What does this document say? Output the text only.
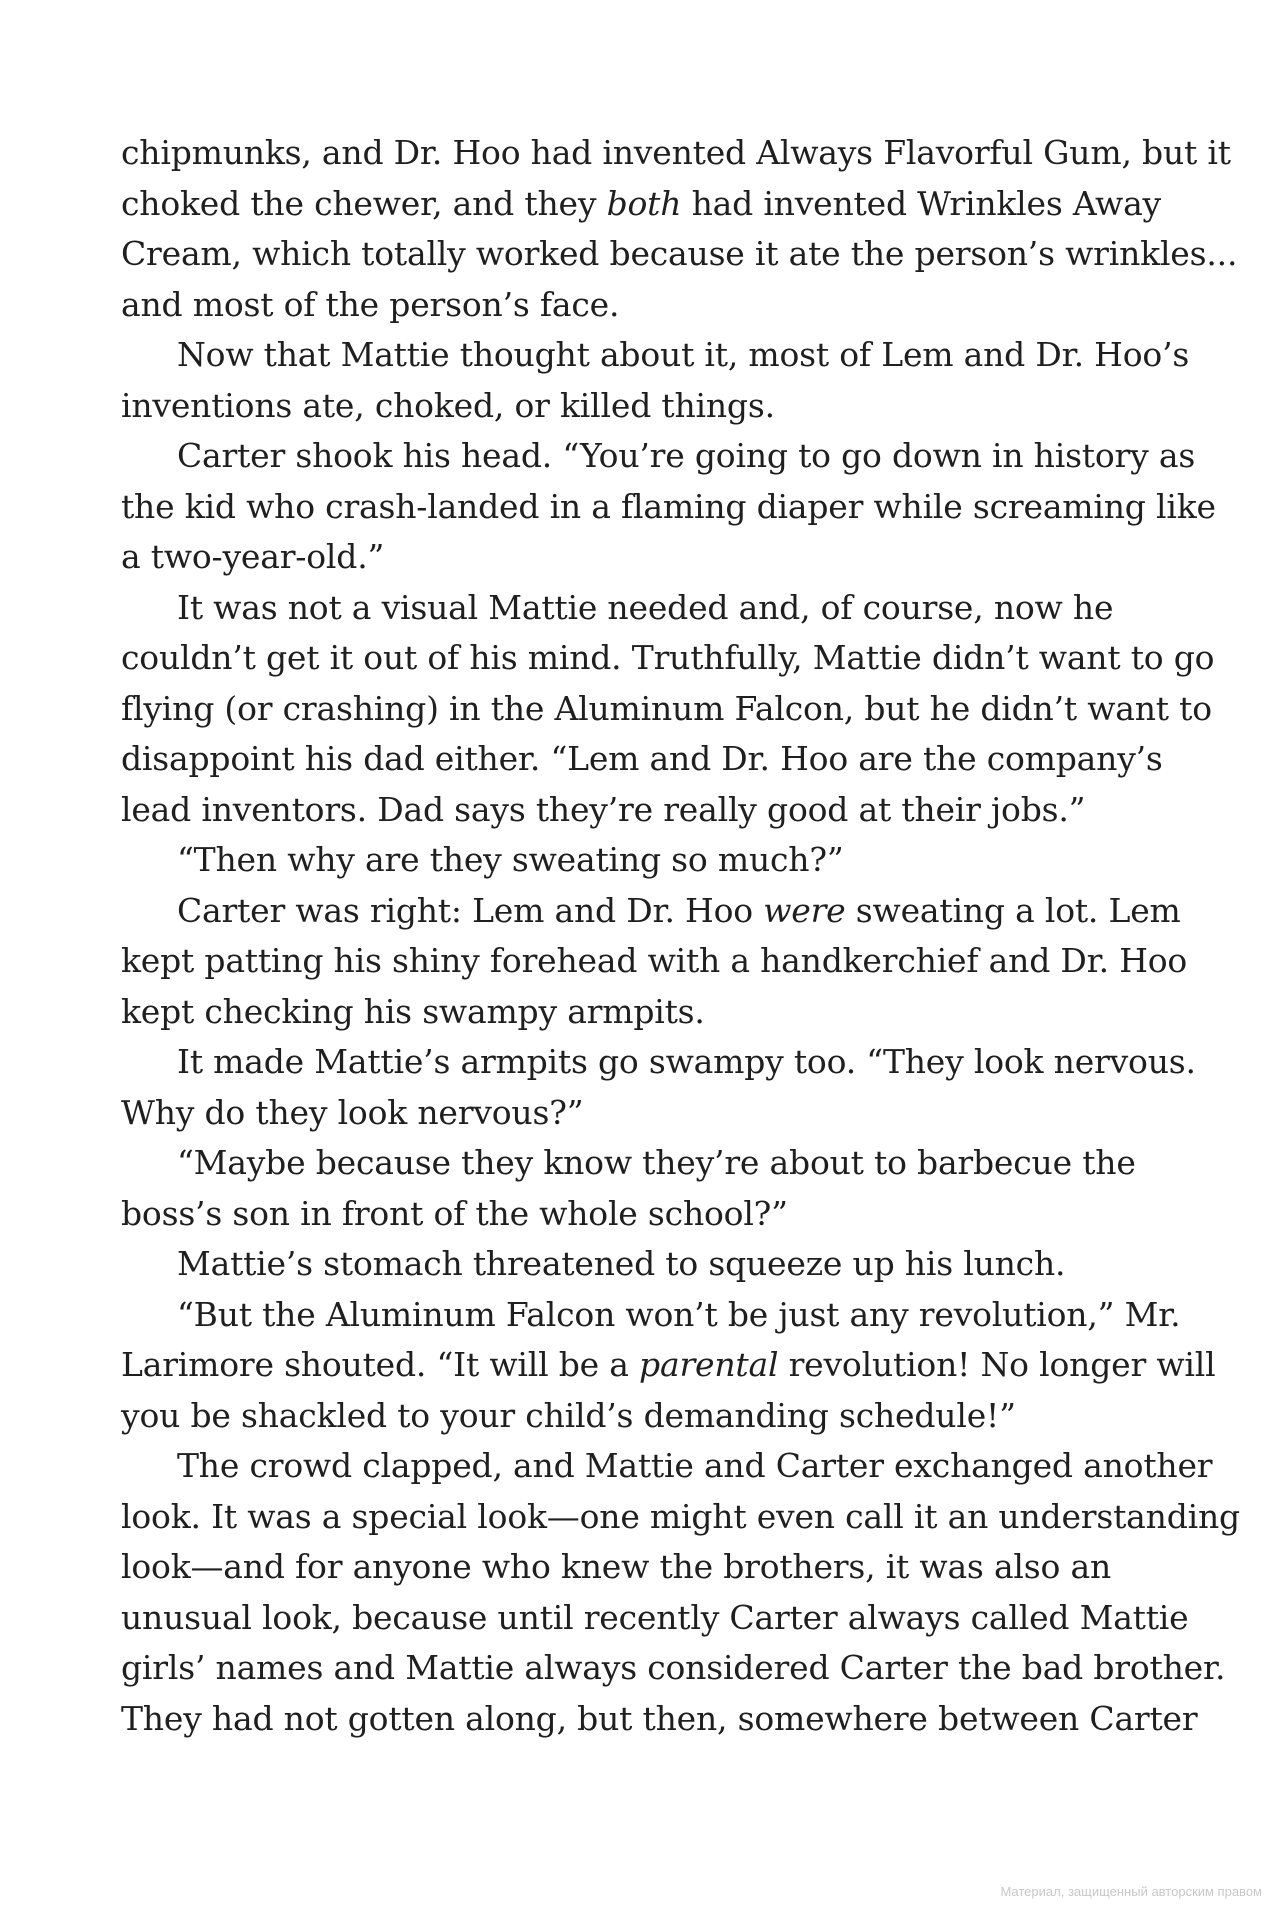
chipmunks, and Dr. Hoo had invented Always Flavorful Gum, but it
choked the chewer, and they both had invented Wrinkles Away
Cream, which totally worked because it ate the person’s wrinkles...
and most of the person’s face.
Now that Mattie thought about it, most of Lem and Dr. Hoo’s
inventions ate, choked, or killed things.
Carter shook his head. “You’re going to go down in history as
the kid who crash-landed in a flaming diaper while screaming like
a two-year-old.”
It was not a visual Mattie needed and, of course, now he
couldn’t get it out of his mind. Truthfully, Mattie didn’t want to go
flying (or crashing) in the Aluminum Falcon, but he didn’t want to
disappoint his dad either. “Lem and Dr. Hoo are the company’s
lead inventors. Dad says they’re really good at their jobs.”
“Then why are they sweating so much?”
Carter was right: Lem and Dr. Hoo were sweating a lot. Lem
kept patting his shiny forehead with a handkerchief and Dr. Hoo
kept checking his swampy armpits.
It made Mattie’s armpits go swampy too. “They look nervous.
Why do they look nervous?”
“Maybe because they know they’re about to barbecue the
boss’s son in front of the whole school?”
Mattie’s stomach threatened to squeeze up his lunch.
“But the Aluminum Falcon won’t be just any revolution,” Mr.
Larimore shouted. “It will be a parental revolution! No longer will
you be shackled to your child’s demanding schedule!”
The crowd clapped, and Mattie and Carter exchanged another
look. It was a special look—one might even call it an understanding
look—and for anyone who knew the brothers, it was also an
unusual look, because until recently Carter always called Mattie
girls’ names and Mattie always considered Carter the bad brother.
They had not gotten along, but then, somewhere between Carter
Материал, защищенный авторским правом
